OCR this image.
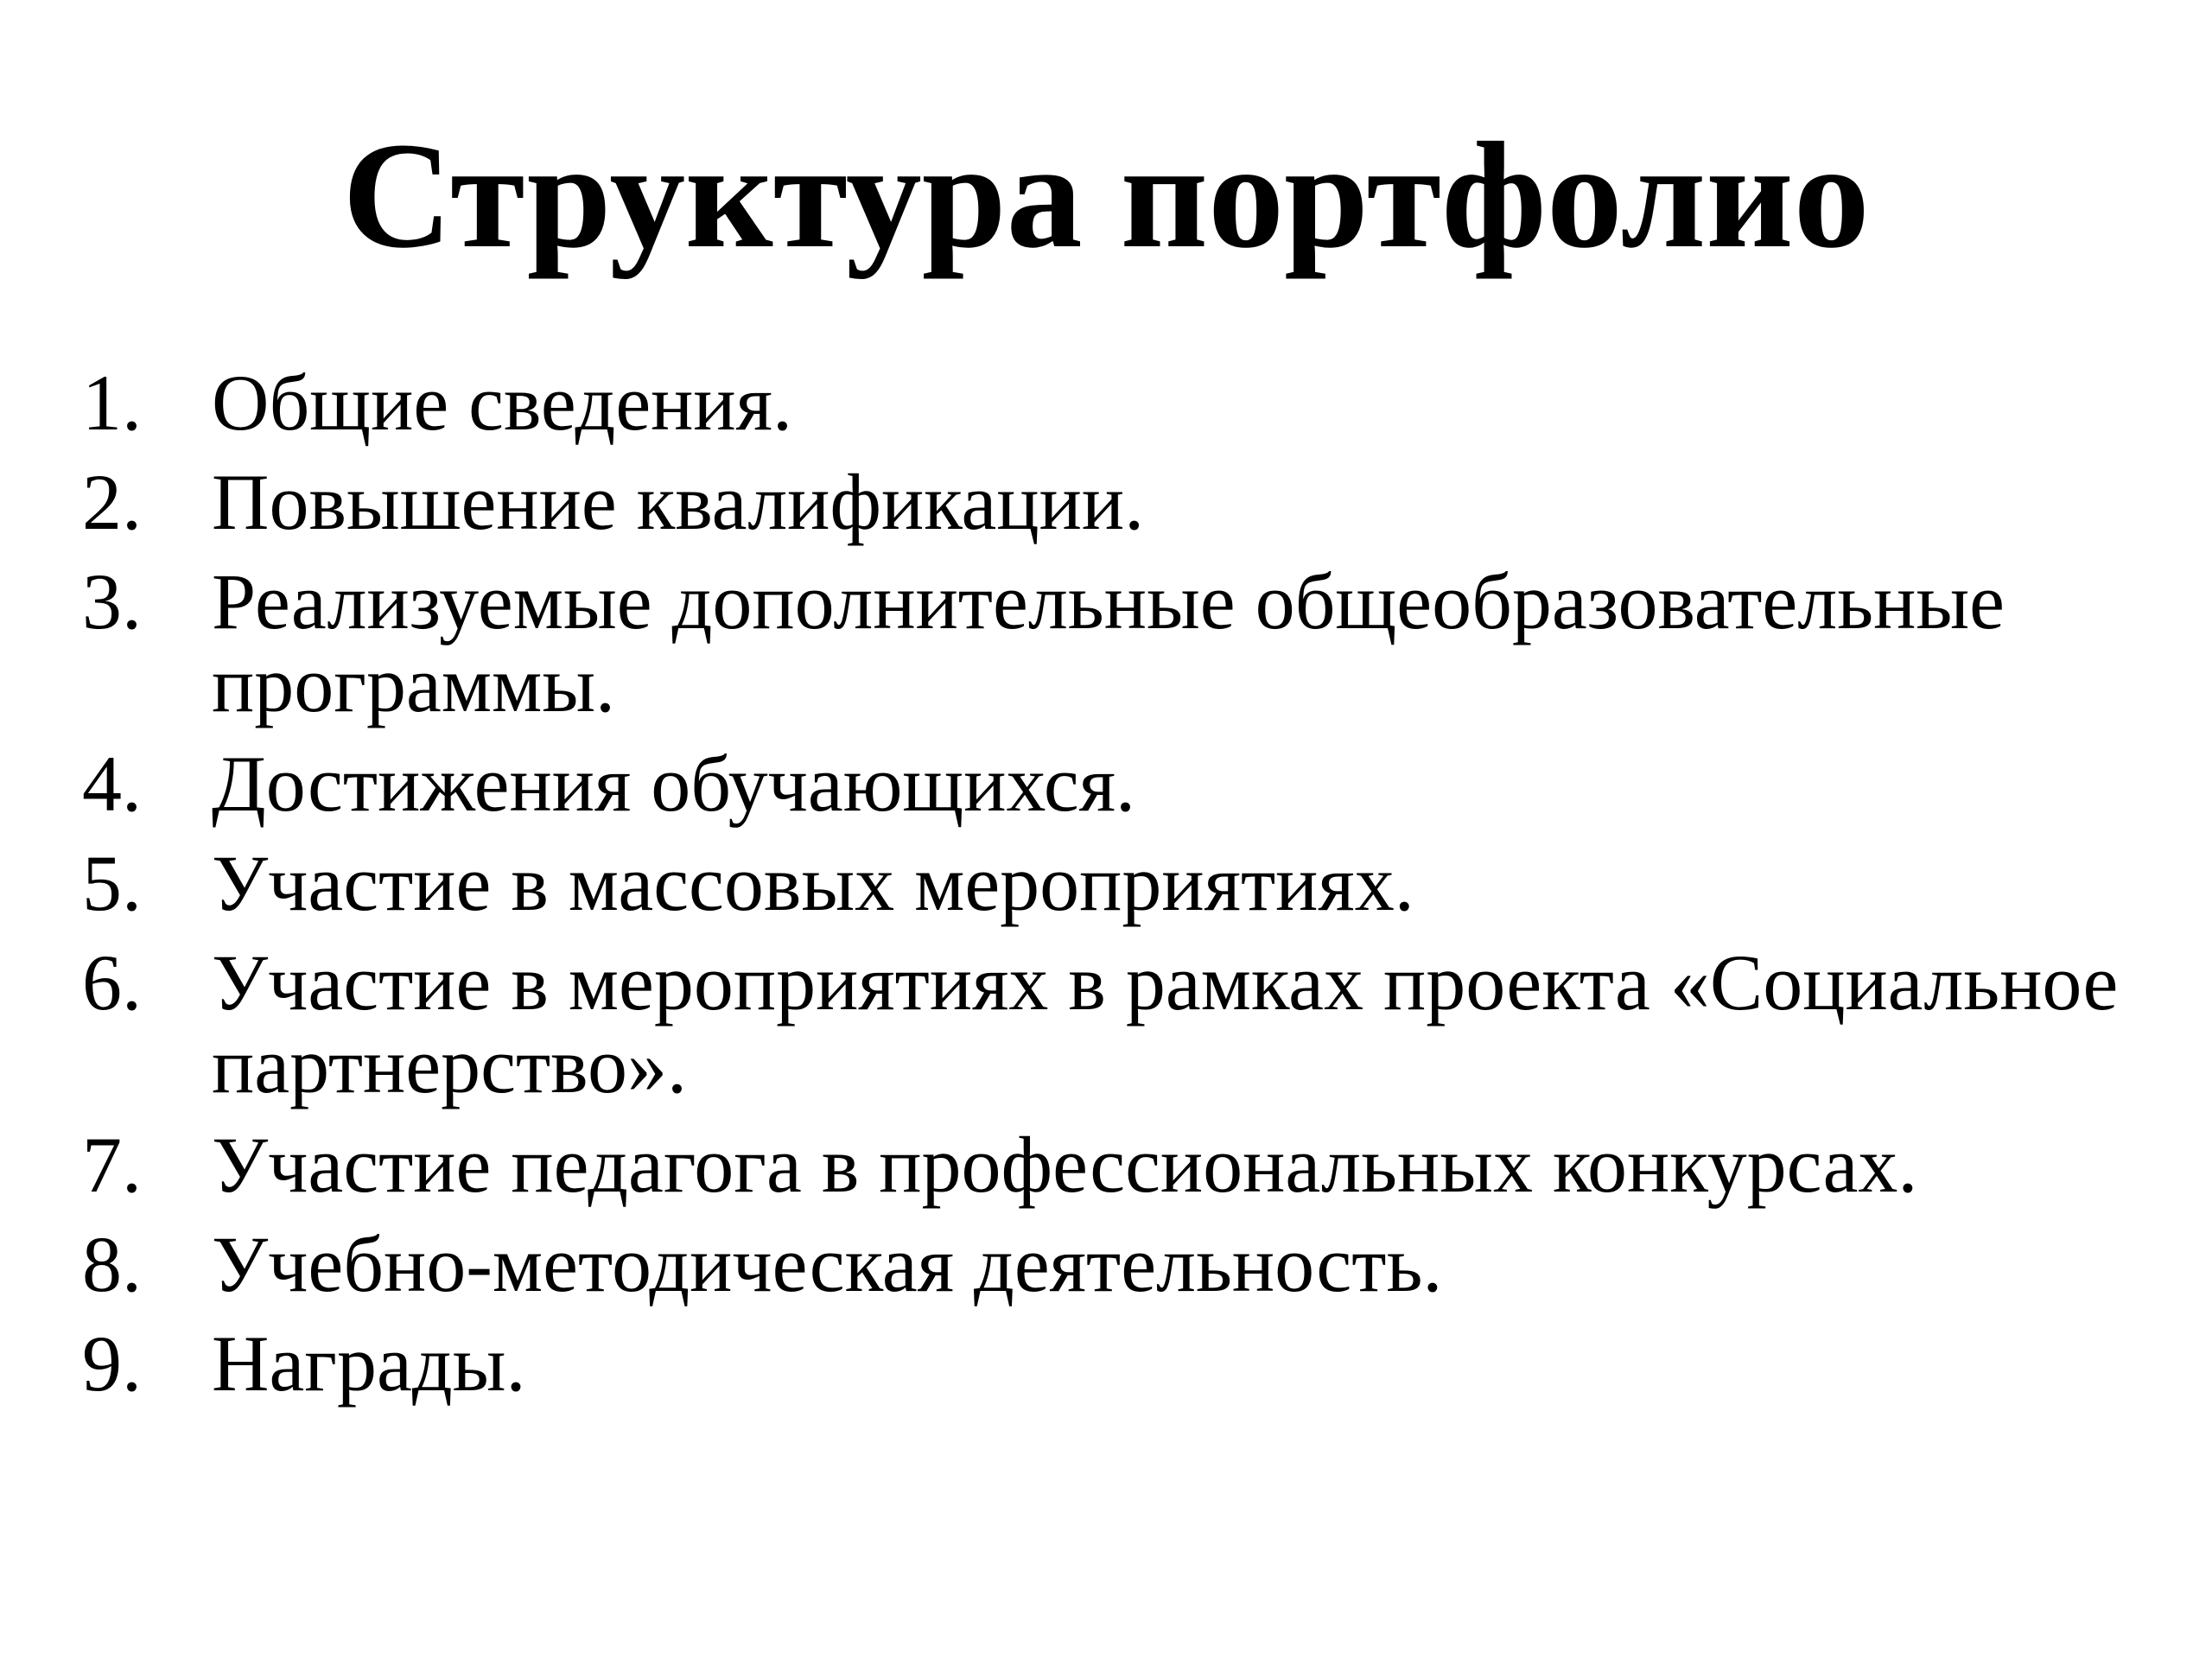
Структура портфолио
1. Общие сведения.
2. Повышение квалификации.
3. Реализуемые дополнительные общеобразовательные программы.
4. Достижения обучающихся.
5. Участие в массовых мероприятиях.
6. Участие в мероприятиях в рамках проекта «Социальное партнерство».
7. Участие педагога в профессиональных конкурсах.
8. Учебно-методическая деятельность.
9. Награды.
